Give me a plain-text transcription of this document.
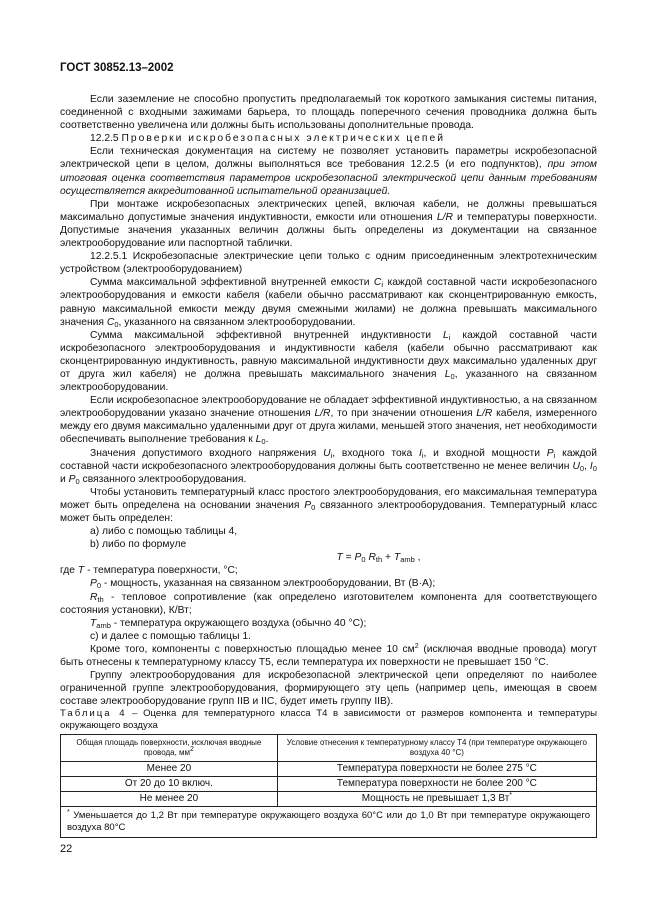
ГОСТ 30852.13–2002

Если заземление не способно пропустить предполагаемый ток короткого замыкания системы питания, соединенной с входными зажимами барьера, то площадь поперечного сечения проводника должна быть соответственно увеличена или должны быть использованы дополнительные провода.

12.2.5 Проверки искробезопасных электрических цепей

Если техническая документация на систему не позволяет установить параметры искробезопасной электрической цепи в целом, должны выполняться все требования 12.2.5 (и его подпунктов), при этом итоговая оценка соответствия параметров искробезопасной электрической цепи данным требованиям осуществляется аккредитованной испытательной организацией.

При монтаже искробезопасных электрических цепей, включая кабели, не должны превышаться максимально допустимые значения индуктивности, емкости или отношения L/R и температуры поверхности. Допустимые значения указанных величин должны быть определены из документации на связанное электрооборудование или паспортной таблички.

12.2.5.1 Искробезопасные электрические цепи только с одним присоединенным электротехническим устройством (электрооборудованием)

Сумма максимальной эффективной внутренней емкости $C_i$ каждой составной части искробезопасного электрооборудования и емкости кабеля (кабели обычно рассматривают как сконцентрированную емкость, равную максимальной емкости между двумя смежными жилами) не должна превышать максимального значения $C_0$, указанного на связанном электрооборудовании.

Сумма максимальной эффективной внутренней индуктивности $L_i$ каждой составной части искробезопасного электрооборудования и индуктивности кабеля (кабели обычно рассматривают как сконцентрированную индуктивность, равную максимальной индуктивности двух максимально удаленных друг от друга жил кабеля) не должна превышать максимального значения $L_0$, указанного на связанном электрооборудовании.

Если искробезопасное электрооборудование не обладает эффективной индуктивностью, а на связанном электрооборудовании указано значение отношения L/R, то при значении отношения L/R кабеля, измеренного между его двумя максимально удаленными друг от друга жилами, меньшей этого значения, нет необходимости обеспечивать выполнение требования к $L_0$.

Значения допустимого входного напряжения $U_i$, входного тока $I_i$, и входной мощности $P_i$ каждой составной части искробезопасного электрооборудования должны быть соответственно не менее величин $U_0$, $I_0$ и $P_0$ связанного электрооборудования.

Чтобы установить температурный класс простого электрооборудования, его максимальная температура может быть определена на основании значения $P_0$ связанного электрооборудования. Температурный класс может быть определен:

а) либо с помощью таблицы 4,

b) либо по формуле

$T = P_0$ $R_{th} + T_{amb}$ ,

где T - температура поверхности, °С;

$P_0$ - мощность, указанная на связанном электрооборудовании, Вт (В·А);

$R_{th}$ - тепловое сопротивление (как определено изготовителем компонента для соответствующего состояния установки), К/Вт;

$T_{amb}$ - температура окружающего воздуха (обычно 40 °С);

с) и далее с помощью таблицы 1.

Кроме того, компоненты с поверхностью площадью менее 10 $см^2$ (исключая вводные провода) могут быть отнесены к температурному классу Т5, если температура их поверхности не превышает 150 °С.

Группу электрооборудования для искробезопасной электрической цепи определяют по наиболее ограниченной группе электрооборудования, формирующего эту цепь (например цепь, имеющая в своем составе электрооборудование групп IIВ и IIС, будет иметь группу IIВ).

Таблица 4 – Оценка для температурного класса Т4 в зависимости от размеров компонента и температуры окружающего воздуха

Общая площадь поверхности, исключая вводные провода, $мм^2$	Условие отнесения к температурному классу Т4 (при температуре окружающего воздуха 40 °С)
Менее 20	Температура поверхности не более 275 °С
От 20 до 10 включ.	Температура поверхности не более 200 °С
Не менее 20	Мощность не превышает 1,3 Вт*
* Уменьшается до 1,2 Вт при температуре окружающего воздуха 60°С или до 1,0 Вт при температуре окружающего воздуха 80°С	
22
